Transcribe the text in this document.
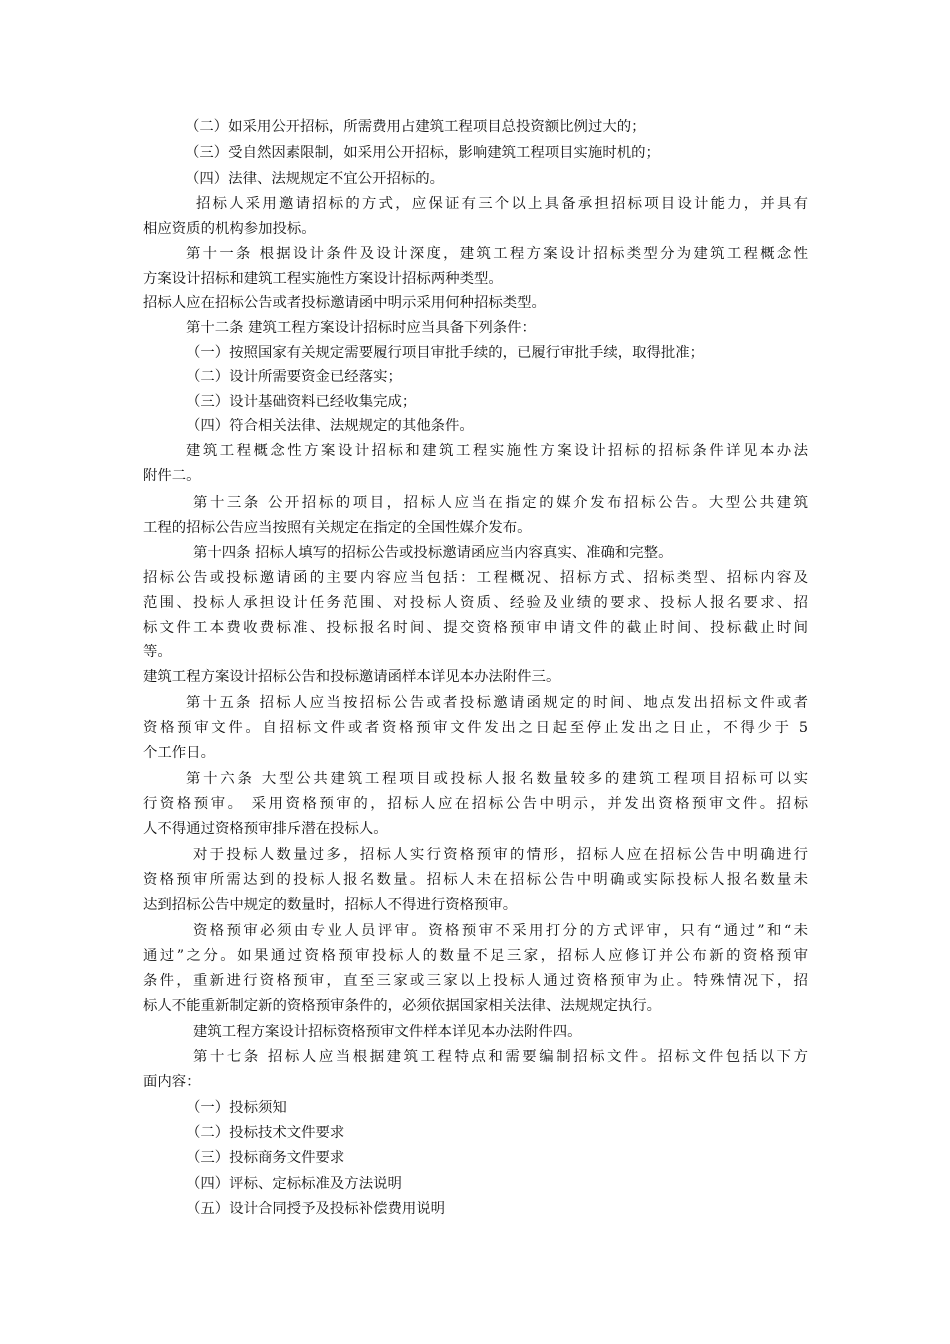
（二）如采用公开招标，所需费用占建筑工程项目总投资额比例过大的；
（三）受自然因素限制，如采用公开招标，影响建筑工程项目实施时机的；
（四）法律、法规规定不宜公开招标的。
招标人采用邀请招标的方式，应保证有三个以上具备承担招标项目设计能力，并具有
相应资质的机构参加投标。
第十一条 根据设计条件及设计深度，建筑工程方案设计招标类型分为建筑工程概念性
方案设计招标和建筑工程实施性方案设计招标两种类型。
招标人应在招标公告或者投标邀请函中明示采用何种招标类型。
第十二条 建筑工程方案设计招标时应当具备下列条件：
（一）按照国家有关规定需要履行项目审批手续的，已履行审批手续，取得批准；
（二）设计所需要资金已经落实；
（三）设计基础资料已经收集完成；
（四）符合相关法律、法规规定的其他条件。
建筑工程概念性方案设计招标和建筑工程实施性方案设计招标的招标条件详见本办法
附件二。
第十三条 公开招标的项目，招标人应当在指定的媒介发布招标公告。大型公共建筑
工程的招标公告应当按照有关规定在指定的全国性媒介发布。
第十四条 招标人填写的招标公告或投标邀请函应当内容真实、准确和完整。
招标公告或投标邀请函的主要内容应当包括：工程概况、招标方式、招标类型、招标内容及
范围、投标人承担设计任务范围、对投标人资质、经验及业绩的要求、投标人报名要求、招
标文件工本费收费标准、投标报名时间、提交资格预审申请文件的截止时间、投标截止时间
等。
建筑工程方案设计招标公告和投标邀请函样本详见本办法附件三。
第十五条 招标人应当按招标公告或者投标邀请函规定的时间、地点发出招标文件或者
资格预审文件。自招标文件或者资格预审文件发出之日起至停止发出之日止，不得少于 5
个工作日。
第十六条 大型公共建筑工程项目或投标人报名数量较多的建筑工程项目招标可以实
行资格预审。 采用资格预审的，招标人应在招标公告中明示，并发出资格预审文件。招标
人不得通过资格预审排斥潜在投标人。
对于投标人数量过多，招标人实行资格预审的情形，招标人应在招标公告中明确进行
资格预审所需达到的投标人报名数量。招标人未在招标公告中明确或实际投标人报名数量未
达到招标公告中规定的数量时，招标人不得进行资格预审。
资格预审必须由专业人员评审。资格预审不采用打分的方式评审，只有“通过”和“未
通过”之分。如果通过资格预审投标人的数量不足三家，招标人应修订并公布新的资格预审
条件，重新进行资格预审，直至三家或三家以上投标人通过资格预审为止。特殊情况下，招
标人不能重新制定新的资格预审条件的，必须依据国家相关法律、法规规定执行。
建筑工程方案设计招标资格预审文件样本详见本办法附件四。
第十七条 招标人应当根据建筑工程特点和需要编制招标文件。招标文件包括以下方
面内容：
（一）投标须知
（二）投标技术文件要求
（三）投标商务文件要求
（四）评标、定标标准及方法说明
（五）设计合同授予及投标补偿费用说明
